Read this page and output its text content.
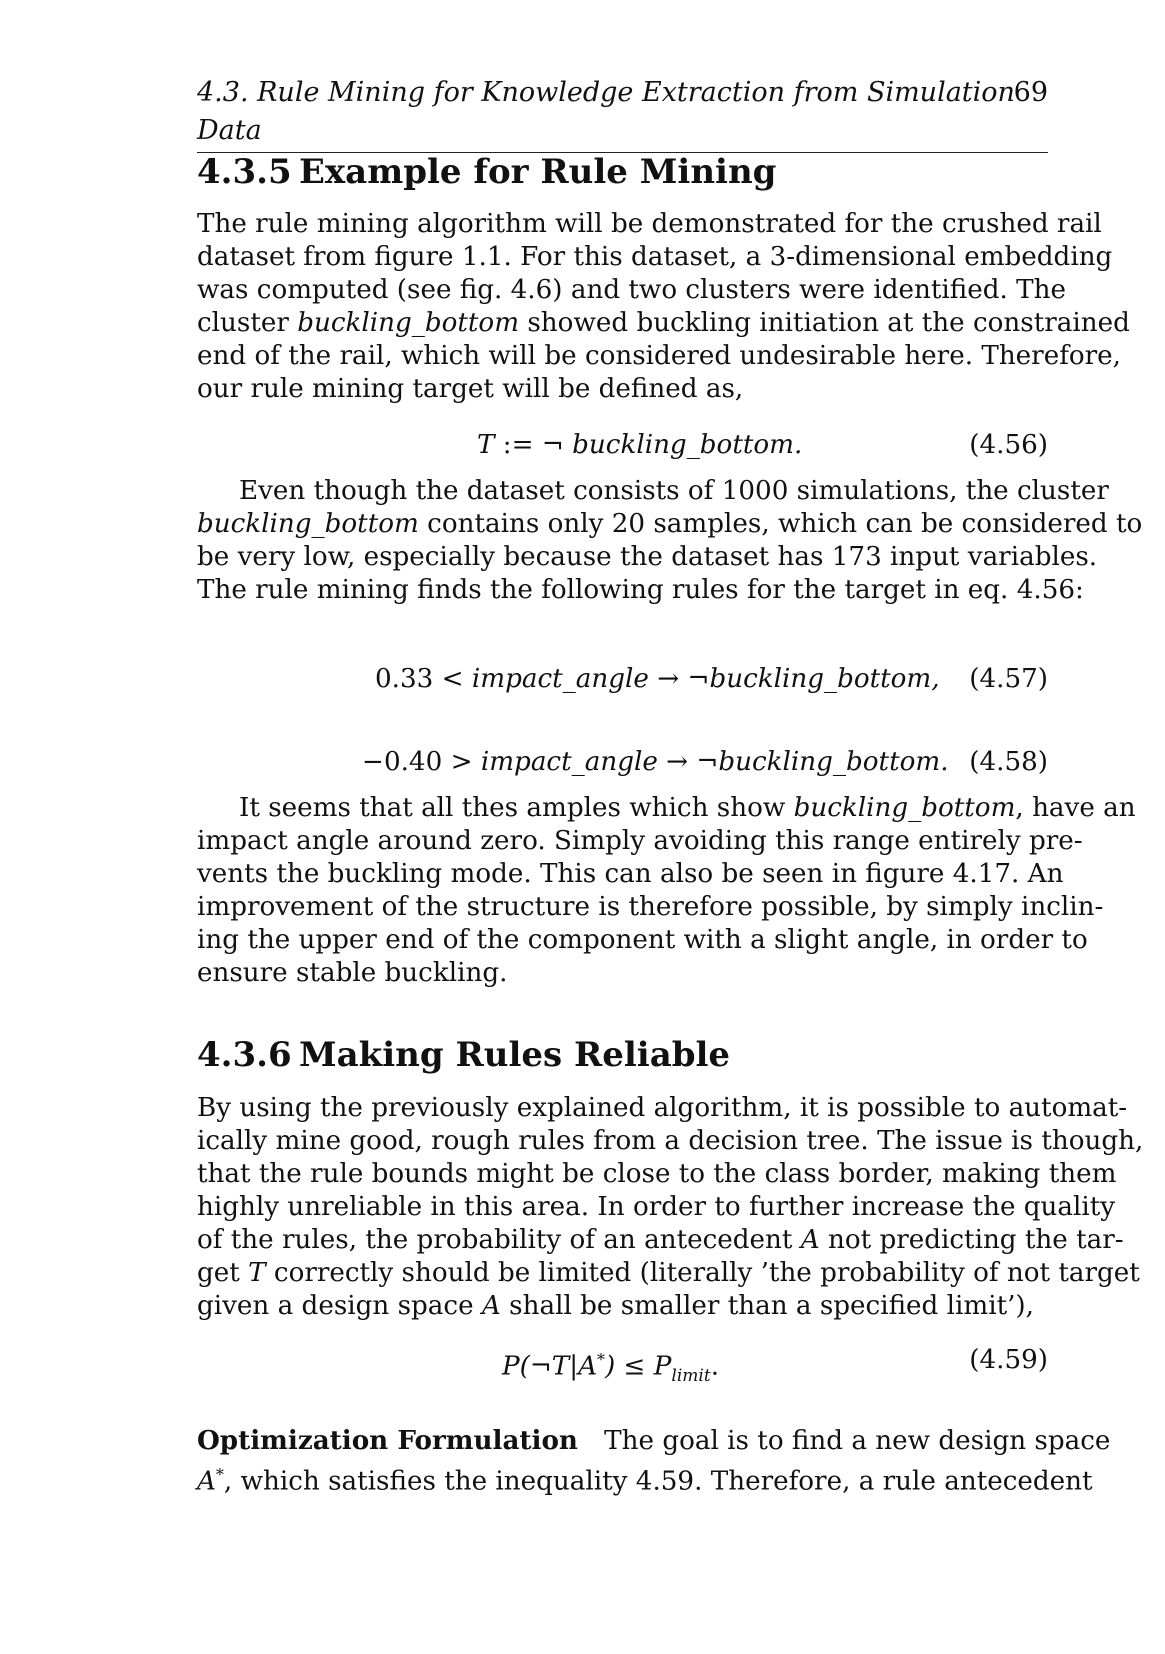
4.3. Rule Mining for Knowledge Extraction from Simulation Data
69
4.3.5 Example for Rule Mining
The rule mining algorithm will be demonstrated for the crushed rail
dataset from figure 1.1. For this dataset, a 3-dimensional embedding
was computed (see fig. 4.6) and two clusters were identified. The
cluster buckling_bottom showed buckling initiation at the constrained
end of the rail, which will be considered undesirable here. Therefore,
our rule mining target will be defined as,
T := ¬ buckling_bottom.	(4.56)
Even though the dataset consists of 1000 simulations, the cluster
buckling_bottom contains only 20 samples, which can be considered to
be very low, especially because the dataset has 173 input variables.
The rule mining finds the following rules for the target in eq. 4.56:
0.33 < impact_angle → ¬buckling_bottom, (4.57)
−0.40 > impact_angle → ¬buckling_bottom. (4.58)
It seems that all thes amples which show buckling_bottom, have an
impact angle around zero. Simply avoiding this range entirely pre-
vents the buckling mode. This can also be seen in figure 4.17. An
improvement of the structure is therefore possible, by simply inclin-
ing the upper end of the component with a slight angle, in order to
ensure stable buckling.
4.3.6 Making Rules Reliable
By using the previously explained algorithm, it is possible to automat-
ically mine good, rough rules from a decision tree. The issue is though,
that the rule bounds might be close to the class border, making them
highly unreliable in this area. In order to further increase the quality
of the rules, the probability of an antecedent A not predicting the tar-
get T correctly should be limited (literally ’the probability of not target
given a design space A shall be smaller than a specified limit’),
P(¬T|A*) ≤ $P_{limit}$.	(4.59)
Optimization Formulation  The goal is to find a new design space
A*, which satisfies the inequality 4.59. Therefore, a rule antecedent
